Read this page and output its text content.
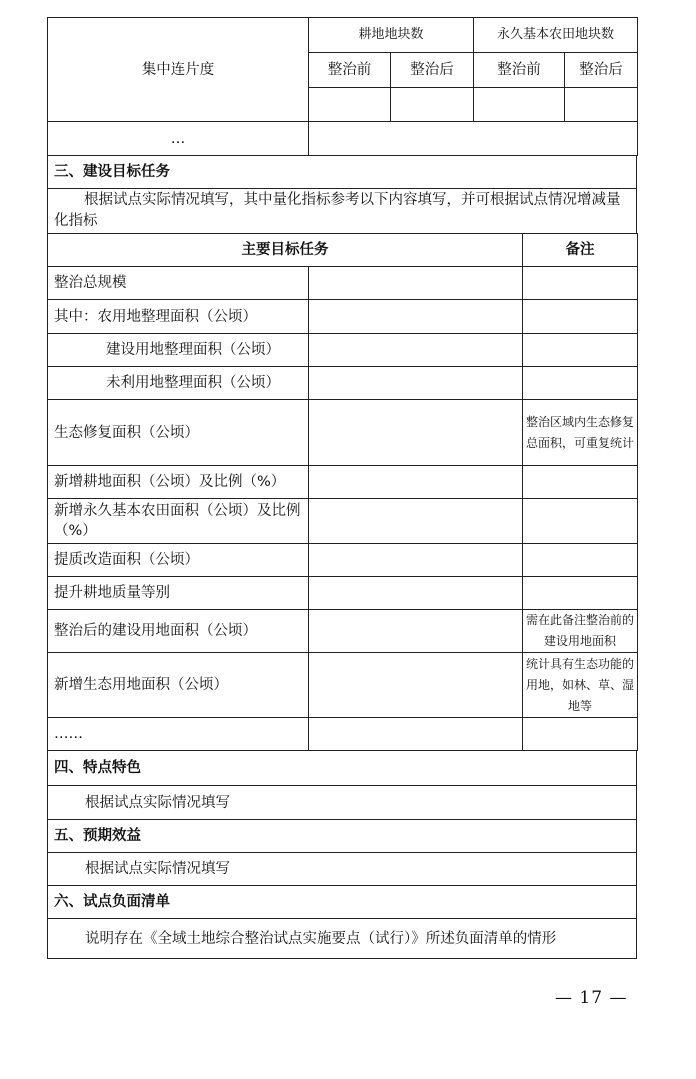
集中连片度	耕地地块数		永久基本农田地块数	
	整治前	整治后	整治前	整治后

…				
三、建设目标任务
根据试点实际情况填写，其中量化指标参考以下内容填写，并可根据试点情况增减量化指标
主要目标任务		备注
整治总规模		
其中：农用地整理面积（公顷）		
建设用地整理面积（公顷）		
未利用地整理面积（公顷）		
生态修复面积（公顷）		整治区域内生态修复总面积，可重复统计
新增耕地面积（公顷）及比例（%）		
新增永久基本农田面积（公顷）及比例（%）		
提质改造面积（公顷）		
提升耕地质量等别		
整治后的建设用地面积（公顷）		需在此备注整治前的建设用地面积
新增生态用地面积（公顷）		统计具有生态功能的用地，如林、草、湿地等
……		
四、特点特色
根据试点实际情况填写
五、预期效益
根据试点实际情况填写
六、试点负面清单
说明存在《全域土地综合整治试点实施要点（试行）》所述负面清单的情形
— 17 —
